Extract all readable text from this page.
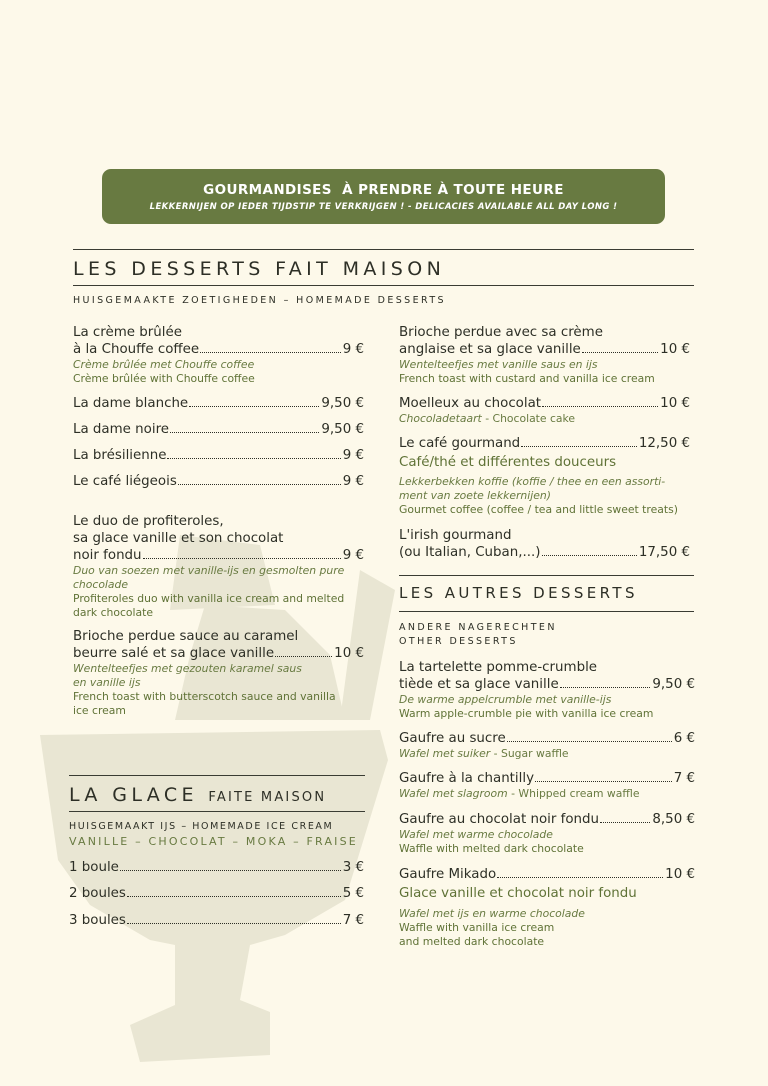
GOURMANDISES  À PRENDRE À TOUTE HEURE
LEKKERNIJEN OP IEDER TIJDSTIP TE VERKRIJGEN ! - DELICACIES AVAILABLE ALL DAY LONG !
LES DESSERTS FAIT MAISON
HUISGEMAAKTE ZOETIGHEDEN – HOMEMADE DESSERTS
La crème brûlée
à la Chouffe coffee	9 €
Crème brûlée met Chouffe coffee
Crème brûlée with Chouffe coffee
La dame blanche	9,50 €
La dame noire	9,50 €
La brésilienne	9 €
Le café liégeois	9 €
Le duo de profiteroles,
sa glace vanille et son chocolat
noir fondu	9 €
Duo van soezen met vanille-ijs en gesmolten pure
chocolade
Profiteroles duo with vanilla ice cream and melted
dark chocolate
Brioche perdue sauce au caramel
beurre salé et sa glace vanille	10 €
Wentelteefjes met gezouten karamel saus
en vanille ijs
French toast with butterscotch sauce and vanilla
ice cream
LA GLACE FAITE MAISON
HUISGEMAAKT IJS – HOMEMADE ICE CREAM
VANILLE – CHOCOLAT – MOKA – FRAISE
1 boule	3 €
2 boules	5 €
3 boules	7 €
Brioche perdue avec sa crème
anglaise et sa glace vanille	10 €
Wentelteefjes met vanille saus en ijs
French toast with custard and vanilla ice cream
Moelleux au chocolat	10 €
Chocoladetaart - Chocolate cake
Le café gourmand	12,50 €
Café/thé et différentes douceurs
Lekkerbekken koffie (koffie / thee en een assorti-
ment van zoete lekkernijen)
Gourmet coffee (coffee / tea and little sweet treats)
L'irish gourmand
(ou Italian, Cuban,...)	17,50 €
LES AUTRES DESSERTS
ANDERE NAGERECHTEN
OTHER DESSERTS
La tartelette pomme-crumble
tiède et sa glace vanille	9,50 €
De warme appelcrumble met vanille-ijs
Warm apple-crumble pie with vanilla ice cream
Gaufre au sucre	6 €
Wafel met suiker - Sugar waffle
Gaufre à la chantilly	7 €
Wafel met slagroom - Whipped cream waffle
Gaufre au chocolat noir fondu	8,50 €
Wafel met warme chocolade
Waffle with melted dark chocolate
Gaufre Mikado	10 €
Glace vanille et chocolat noir fondu
Wafel met ijs en warme chocolade
Waffle with vanilla ice cream
and melted dark chocolate
